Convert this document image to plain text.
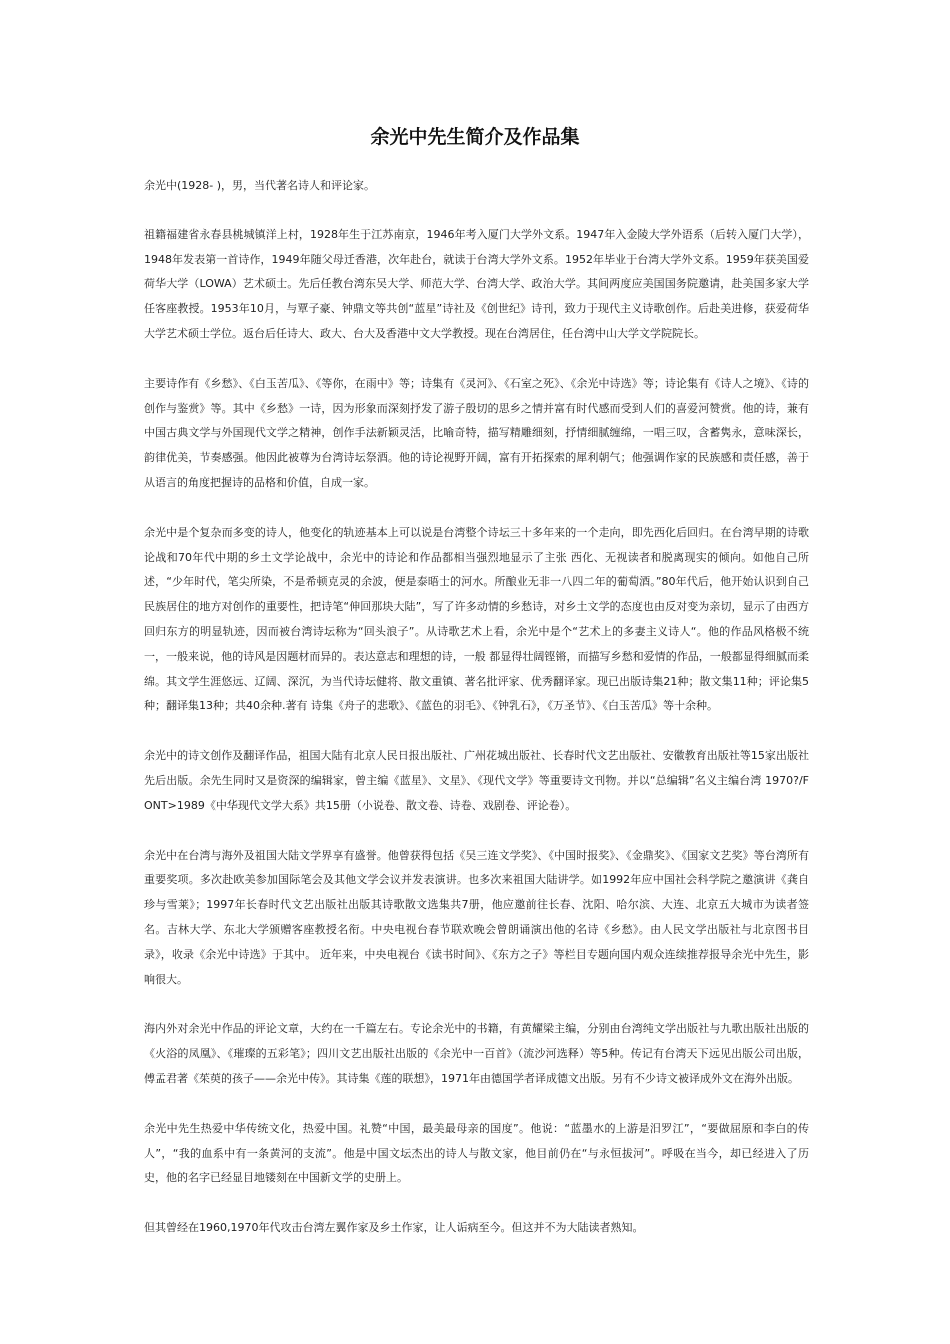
余光中先生简介及作品集

余光中(1928- )，男，当代著名诗人和评论家。

祖籍福建省永春县桃城镇洋上村，1928年生于江苏南京，1946年考入厦门大学外文系。1947年入金陵大学外语系（后转入厦门大学），1948年发表第一首诗作，1949年随父母迁香港，次年赴台，就读于台湾大学外文系。1952年毕业于台湾大学外文系。1959年获美国爱荷华大学（LOWA）艺术硕士。先后任教台湾东吴大学、师范大学、台湾大学、政治大学。其间两度应美国国务院邀请，赴美国多家大学任客座教授。1953年10月，与覃子豪、钟鼎文等共创“蓝星”诗社及《创世纪》诗刊，致力于现代主义诗歌创作。后赴美进修，获爱荷华大学艺术硕士学位。返台后任诗大、政大、台大及香港中文大学教授。现在台湾居住，任台湾中山大学文学院院长。

主要诗作有《乡愁》、《白玉苦瓜》、《等你，在雨中》等；诗集有《灵河》、《石室之死》、《余光中诗选》等；诗论集有《诗人之境》、《诗的创作与鉴赏》等。其中《乡愁》一诗，因为形象而深刻抒发了游子殷切的思乡之情并富有时代感而受到人们的喜爱河赞赏。他的诗，兼有中国古典文学与外国现代文学之精神，创作手法新颖灵活，比喻奇特，描写精雕细刻，抒情细腻缠绵，一唱三叹，含蓄隽永，意味深长，韵律优美，节奏感强。他因此被尊为台湾诗坛祭酒。他的诗论视野开阔，富有开拓探索的犀利朝气；他强调作家的民族感和责任感，善于从语言的角度把握诗的品格和价值，自成一家。

余光中是个复杂而多变的诗人，他变化的轨迹基本上可以说是台湾整个诗坛三十多年来的一个走向，即先西化后回归。在台湾早期的诗歌论战和70年代中期的乡土文学论战中，余光中的诗论和作品都相当强烈地显示了主张 西化、无视读者和脱离现实的倾向。如他自己所述，“少年时代，笔尖所染，不是希顿克灵的余波，便是泰晤士的河水。所酿业无非一八四二年的葡萄酒。”80年代后，他开始认识到自己民族居住的地方对创作的重要性，把诗笔“伸回那块大陆”，写了许多动情的乡愁诗，对乡土文学的态度也由反对变为亲切，显示了由西方回归东方的明显轨迹，因而被台湾诗坛称为“回头浪子”。从诗歌艺术上看，余光中是个“艺术上的多妻主义诗人“。他的作品风格极不统一，一般来说，他的诗风是因题材而异的。表达意志和理想的诗，一般 都显得壮阔铿锵，而描写乡愁和爱情的作品，一般都显得细腻而柔绵。其文学生涯悠远、辽阔、深沉，为当代诗坛健将、散文重镇、著名批评家、优秀翻译家。现已出版诗集21种；散文集11种；评论集5种；翻译集13种；共40余种.著有 诗集《舟子的悲歌》、《蓝色的羽毛》、《钟乳石》，《万圣节》、《白玉苦瓜》等十余种。

余光中的诗文创作及翻译作品，祖国大陆有北京人民日报出版社、广州花城出版社、长春时代文艺出版社、安徽教育出版社等15家出版社先后出版。余先生同时又是资深的编辑家，曾主编《蓝星》、文星》、《现代文学》等重要诗文刊物。并以“总编辑”名义主编台湾 1970?/FONT>1989《中华现代文学大系》共15册（小说卷、散文卷、诗卷、戏剧卷、评论卷）。

余光中在台湾与海外及祖国大陆文学界享有盛誉。他曾获得包括《吴三连文学奖》、《中国时报奖》、《金鼎奖》、《国家文艺奖》等台湾所有重要奖项。多次赴欧美参加国际笔会及其他文学会议并发表演讲。也多次来祖国大陆讲学。如1992年应中国社会科学院之邀演讲《龚自珍与雪莱》；1997年长春时代文艺出版社出版其诗歌散文选集共7册，他应邀前往长春、沈阳、哈尔滨、大连、北京五大城市为读者签名。吉林大学、东北大学颁赠客座教授名衔。中央电视台春节联欢晚会曾朗诵演出他的名诗《乡愁》。由人民文学出版社与北京图书目录》，收录《余光中诗选》于其中。 近年来，中央电视台《读书时间》、《东方之子》等栏目专题向国内观众连续推荐报导余光中先生，影响很大。

海内外对余光中作品的评论文章，大约在一千篇左右。专论余光中的书籍，有黄耀梁主编，分别由台湾纯文学出版社与九歌出版社出版的《火浴的凤凰》、《璀璨的五彩笔》；四川文艺出版社出版的《余光中一百首》（流沙河选释）等5种。传记有台湾天下远见出版公司出版，傅孟君著《茱萸的孩子——余光中传》。其诗集《莲的联想》，1971年由德国学者译成德文出版。另有不少诗文被译成外文在海外出版。

余光中先生热爱中华传统文化，热爱中国。礼赞“中国，最美最母亲的国度”。他说：“蓝墨水的上游是汨罗江”，“要做屈原和李白的传人”，“我的血系中有一条黄河的支流”。他是中国文坛杰出的诗人与散文家，他目前仍在“与永恒拔河”。呼吸在当今，却已经进入了历史，他的名字已经显目地镂刻在中国新文学的史册上。

但其曾经在1960,1970年代攻击台湾左翼作家及乡土作家，让人诟病至今。但这并不为大陆读者熟知。
